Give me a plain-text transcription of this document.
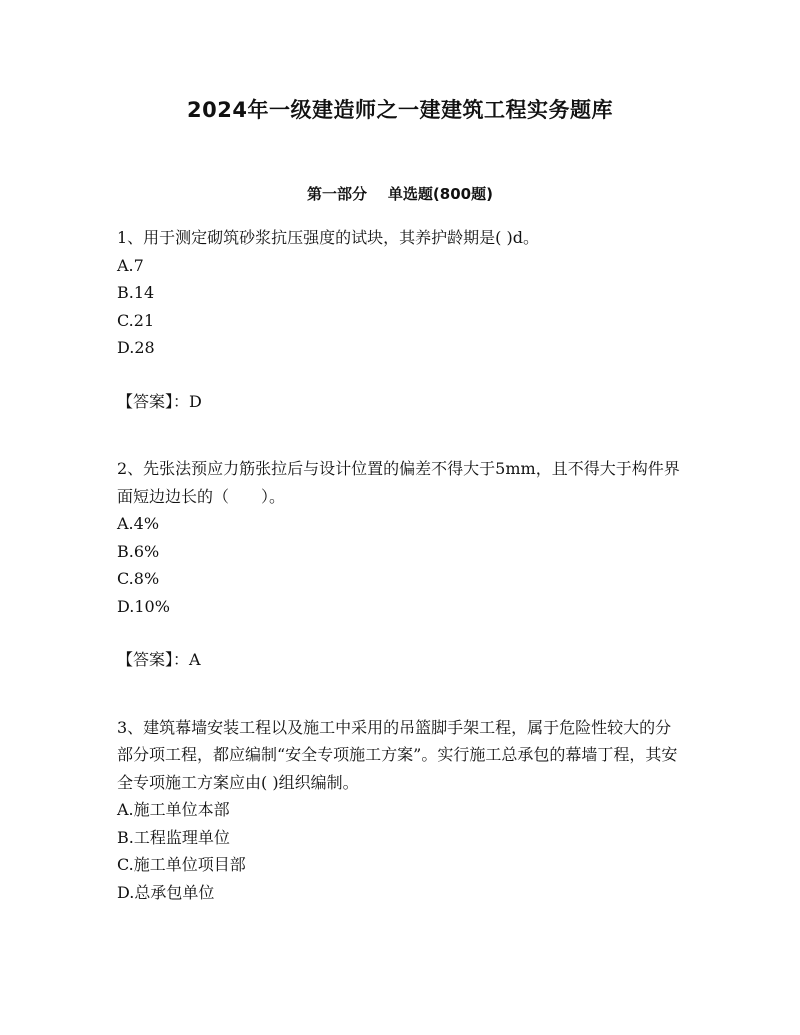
2024年一级建造师之一建建筑工程实务题库
第一部分    单选题(800题)

1、用于测定砌筑砂浆抗压强度的试块，其养护龄期是( )d。

A.7

B.14

C.21

D.28

【答案】：D

2、先张法预应力筋张拉后与设计位置的偏差不得大于5mm，且不得大于构件界面短边边长的（　　）。

A.4%

B.6%

C.8%

D.10%

【答案】：A

3、建筑幕墙安装工程以及施工中采用的吊篮脚手架工程，属于危险性较大的分部分项工程，都应编制“安全专项施工方案”。实行施工总承包的幕墙丁程，其安全专项施工方案应由( )组织编制。

A.施工单位本部

B.工程监理单位

C.施工单位项目部

D.总承包单位
